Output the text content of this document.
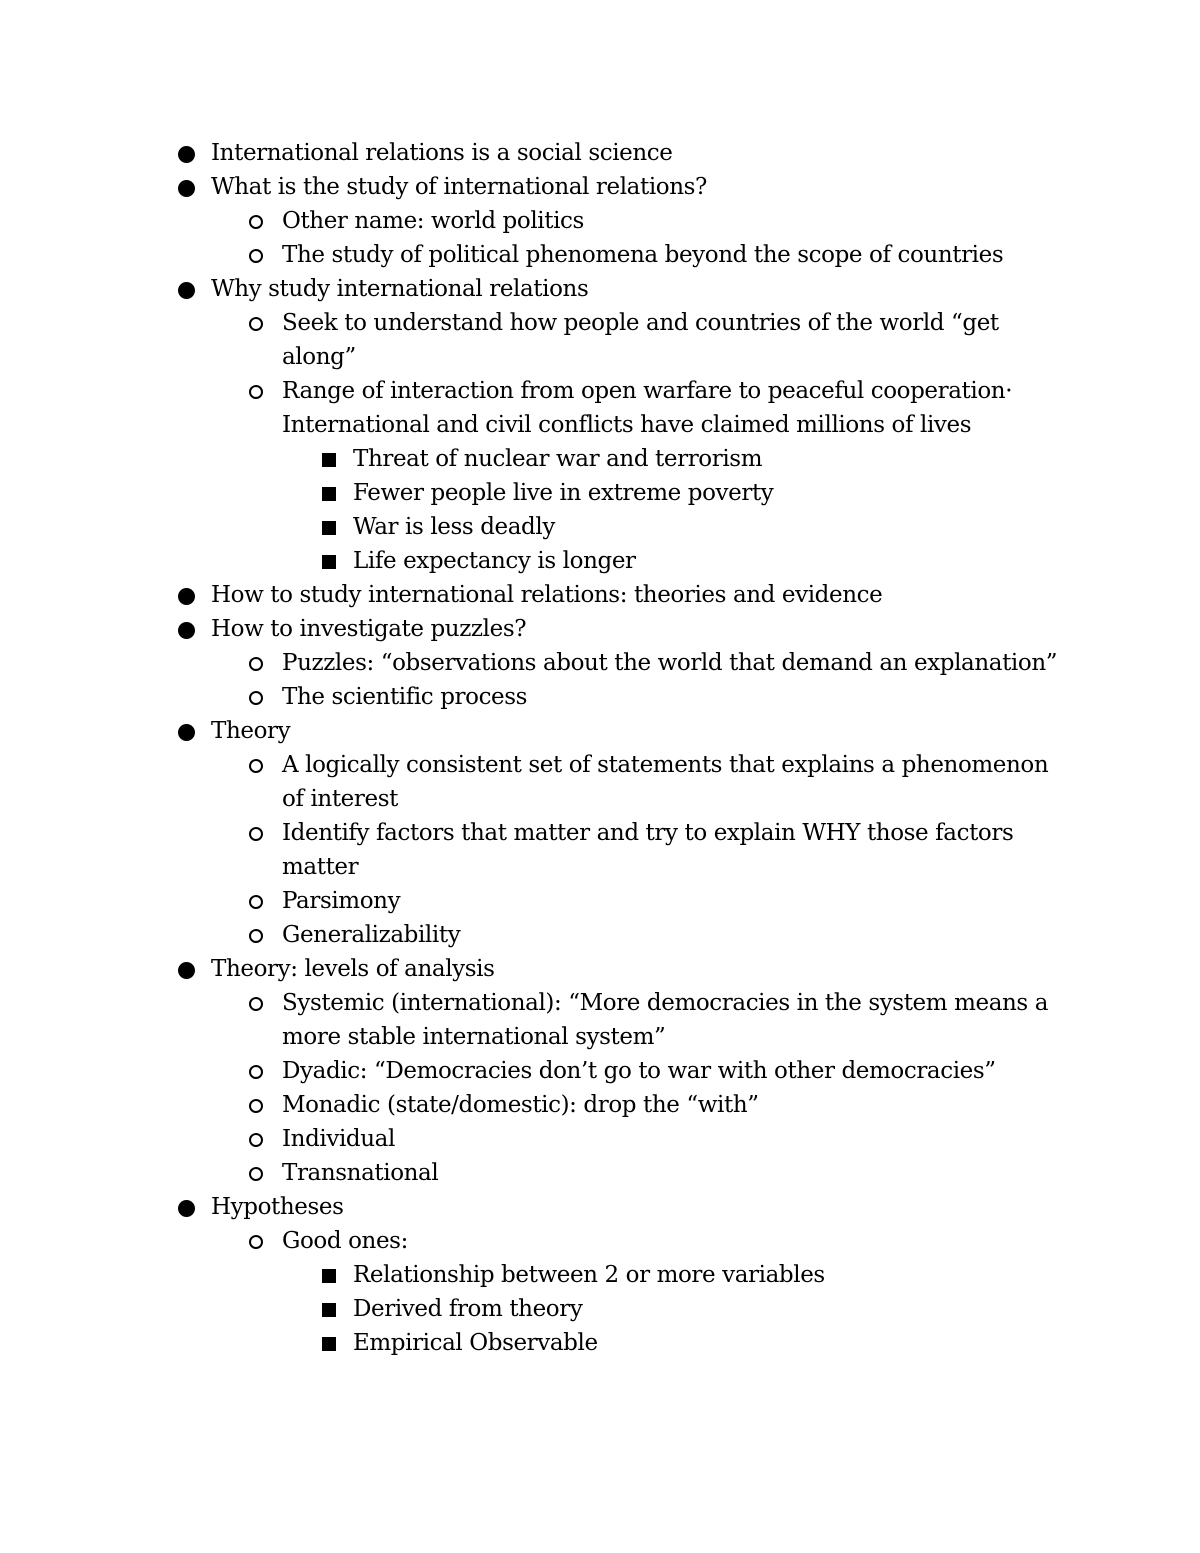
International relations is a social science
What is the study of international relations?
Other name: world politics
The study of political phenomena beyond the scope of countries
Why study international relations
Seek to understand how people and countries of the world “get along”
Range of interaction from open warfare to peaceful cooperation· International and civil conflicts have claimed millions of lives
Threat of nuclear war and terrorism
Fewer people live in extreme poverty
War is less deadly
Life expectancy is longer
How to study international relations: theories and evidence
How to investigate puzzles?
Puzzles: “observations about the world that demand an explanation”
The scientific process
Theory
A logically consistent set of statements that explains a phenomenon of interest
Identify factors that matter and try to explain WHY those factors matter
Parsimony
Generalizability
Theory: levels of analysis
Systemic (international): “More democracies in the system means a more stable international system”
Dyadic: “Democracies don’t go to war with other democracies”
Monadic (state/domestic): drop the “with”
Individual
Transnational
Hypotheses
Good ones:
Relationship between 2 or more variables
Derived from theory
Empirical Observable
